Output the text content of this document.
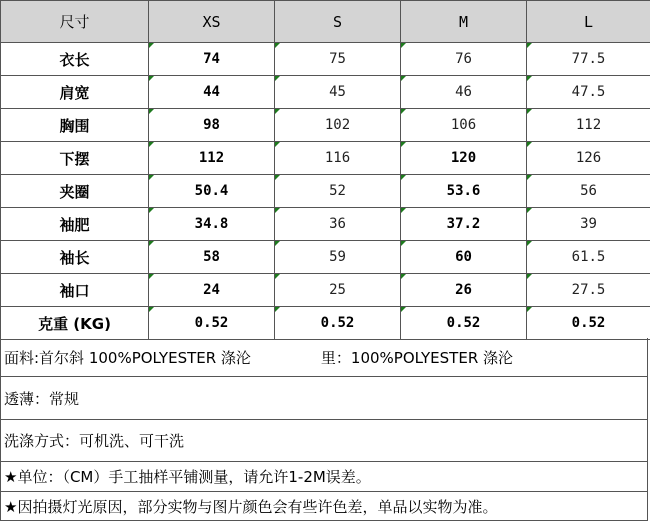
尺寸	XS	S	M	L
衣长	74	75	76	77.5

肩宽	44	45	46	47.5

胸围	98	102	106	112

下摆	112	116	120	126

夹圈	50.4	52	53.6	56

袖肥	34.8	36	37.2	39

袖长	58	59	60	61.5

袖口	24	25	26	27.5

克重 (KG)	0.52	0.52	0.52	0.52
面料:首尔斜 100%POLYESTER 涤沦	里：100%POLYESTER 涤沦
透薄：常规
洗涤方式：可机洗、可干洗
★单位：（CM）手工抽样平铺测量，请允许1-2M误差。
★因拍摄灯光原因，部分实物与图片颜色会有些许色差，单品以实物为准。
